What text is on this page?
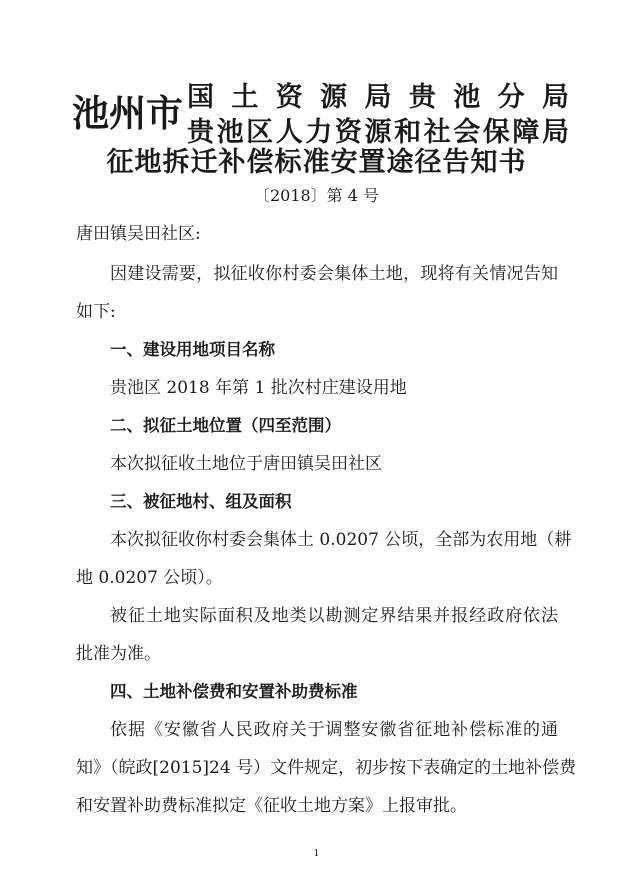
池州市 国土资源局贵池分局
贵池区人力资源和社会保障局
征地拆迁补偿标准安置途径告知书
〔2018〕第 4 号
唐田镇吴田社区:
因建设需要，拟征收你村委会集体土地，现将有关情况告知
如下:
一、建设用地项目名称
贵池区 2018 年第 1 批次村庄建设用地
二、拟征土地位置（四至范围）
本次拟征收土地位于唐田镇吴田社区
三、被征地村、组及面积
本次拟征收你村委会集体土 0.0207 公顷，全部为农用地（耕
地 0.0207 公顷）。
被征土地实际面积及地类以勘测定界结果并报经政府依法
批准为准。
四、土地补偿费和安置补助费标准
依据《安徽省人民政府关于调整安徽省征地补偿标准的通
知》（皖政[2015]24 号）文件规定，初步按下表确定的土地补偿费
和安置补助费标准拟定《征收土地方案》上报审批。
1
